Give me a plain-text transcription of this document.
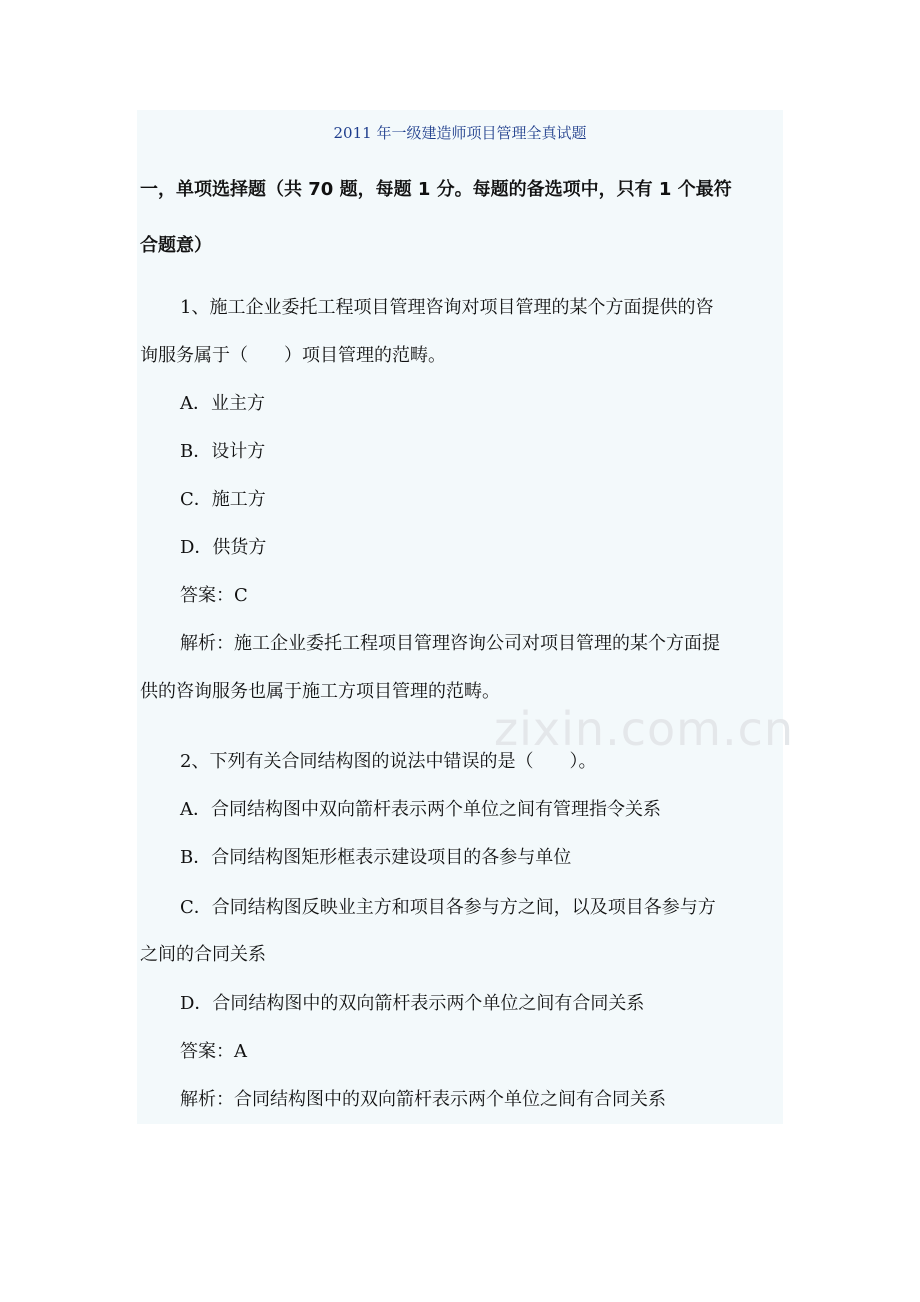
zixin.com.cn
2011 年一级建造师项目管理全真试题
一，单项选择题（共 70 题，每题 1 分。每题的备选项中，只有 1 个最符
合题意）
1、施工企业委托工程项目管理咨询对项目管理的某个方面提供的咨
询服务属于（　　）项目管理的范畴。
A．业主方
B．设计方
C．施工方
D．供货方
答案：C
解析：施工企业委托工程项目管理咨询公司对项目管理的某个方面提
供的咨询服务也属于施工方项目管理的范畴。
2、下列有关合同结构图的说法中错误的是（　　）。
A．合同结构图中双向箭杆表示两个单位之间有管理指令关系
B．合同结构图矩形框表示建设项目的各参与单位
C．合同结构图反映业主方和项目各参与方之间，以及项目各参与方
之间的合同关系
D．合同结构图中的双向箭杆表示两个单位之间有合同关系
答案：A
解析：合同结构图中的双向箭杆表示两个单位之间有合同关系
